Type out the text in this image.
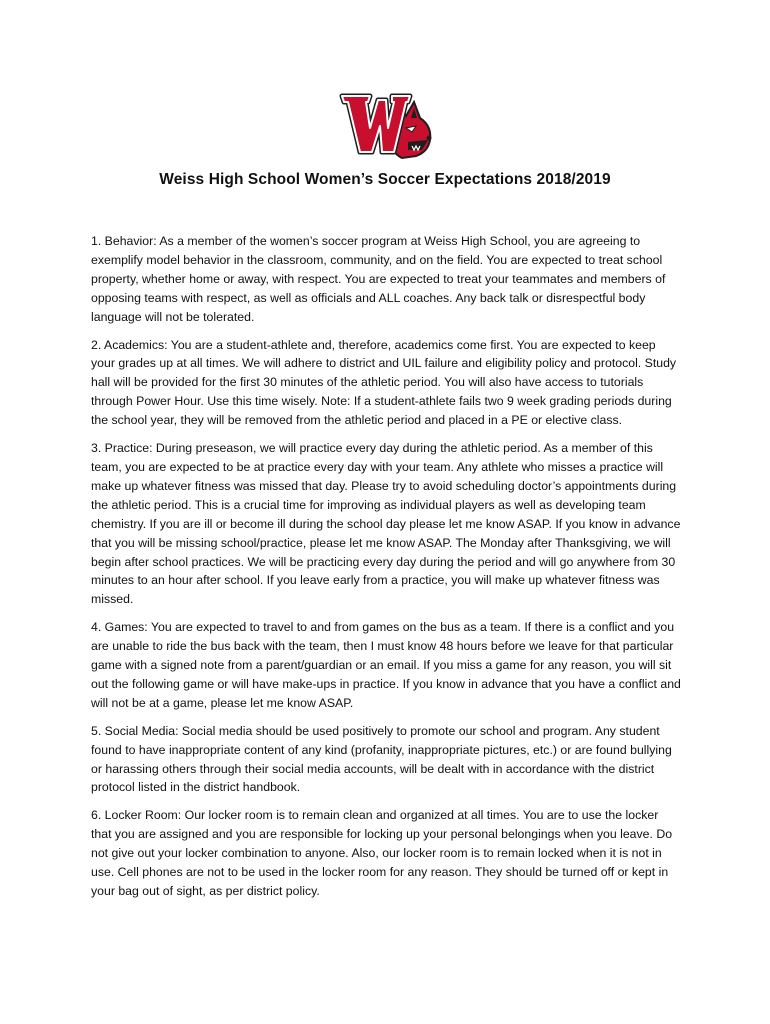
Weiss High School Women’s Soccer Expectations 2018/2019

1. Behavior: As a member of the women’s soccer program at Weiss High School, you are agreeing to exemplify model behavior in the classroom, community, and on the field. You are expected to treat school property, whether home or away, with respect. You are expected to treat your teammates and members of opposing teams with respect, as well as officials and ALL coaches. Any back talk or disrespectful body language will not be tolerated.

2. Academics: You are a student-athlete and, therefore, academics come first. You are expected to keep your grades up at all times. We will adhere to district and UIL failure and eligibility policy and protocol. Study hall will be provided for the first 30 minutes of the athletic period. You will also have access to tutorials through Power Hour. Use this time wisely. Note: If a student-athlete fails two 9 week grading periods during the school year, they will be removed from the athletic period and placed in a PE or elective class.

3. Practice: During preseason, we will practice every day during the athletic period. As a member of this team, you are expected to be at practice every day with your team. Any athlete who misses a practice will make up whatever fitness was missed that day. Please try to avoid scheduling doctor’s appointments during the athletic period. This is a crucial time for improving as individual players as well as developing team chemistry. If you are ill or become ill during the school day please let me know ASAP. If you know in advance that you will be missing school/practice, please let me know ASAP. The Monday after Thanksgiving, we will begin after school practices. We will be practicing every day during the period and will go anywhere from 30 minutes to an hour after school. If you leave early from a practice, you will make up whatever fitness was missed.

4. Games: You are expected to travel to and from games on the bus as a team. If there is a conflict and you are unable to ride the bus back with the team, then I must know 48 hours before we leave for that particular game with a signed note from a parent/guardian or an email. If you miss a game for any reason, you will sit out the following game or will have make-ups in practice. If you know in advance that you have a conflict and will not be at a game, please let me know ASAP.

5. Social Media: Social media should be used positively to promote our school and program. Any student found to have inappropriate content of any kind (profanity, inappropriate pictures, etc.) or are found bullying or harassing others through their social media accounts, will be dealt with in accordance with the district protocol listed in the district handbook.

6. Locker Room: Our locker room is to remain clean and organized at all times. You are to use the locker that you are assigned and you are responsible for locking up your personal belongings when you leave. Do not give out your locker combination to anyone. Also, our locker room is to remain locked when it is not in use. Cell phones are not to be used in the locker room for any reason. They should be turned off or kept in your bag out of sight, as per district policy.
